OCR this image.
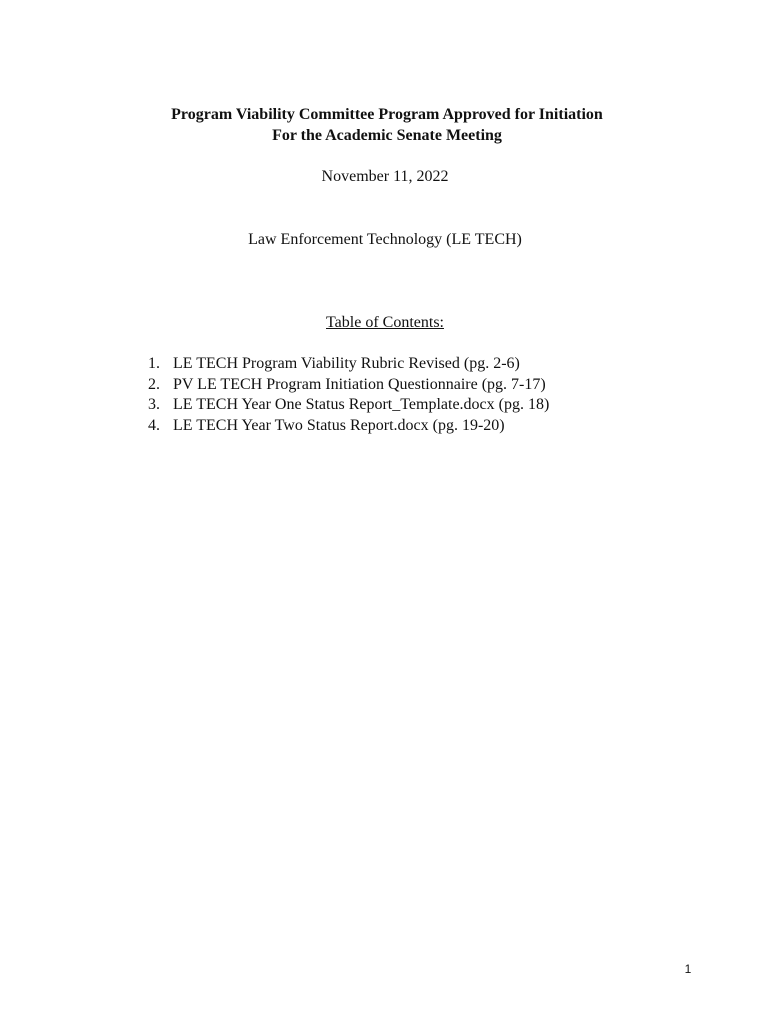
Program Viability Committee Program Approved for Initiation
For the Academic Senate Meeting
November 11, 2022
Law Enforcement Technology (LE TECH)
Table of Contents:
1. LE TECH Program Viability Rubric Revised (pg. 2-6)
2. PV LE TECH Program Initiation Questionnaire (pg. 7-17)
3. LE TECH Year One Status Report_Template.docx (pg. 18)
4. LE TECH Year Two Status Report.docx (pg. 19-20)
1
